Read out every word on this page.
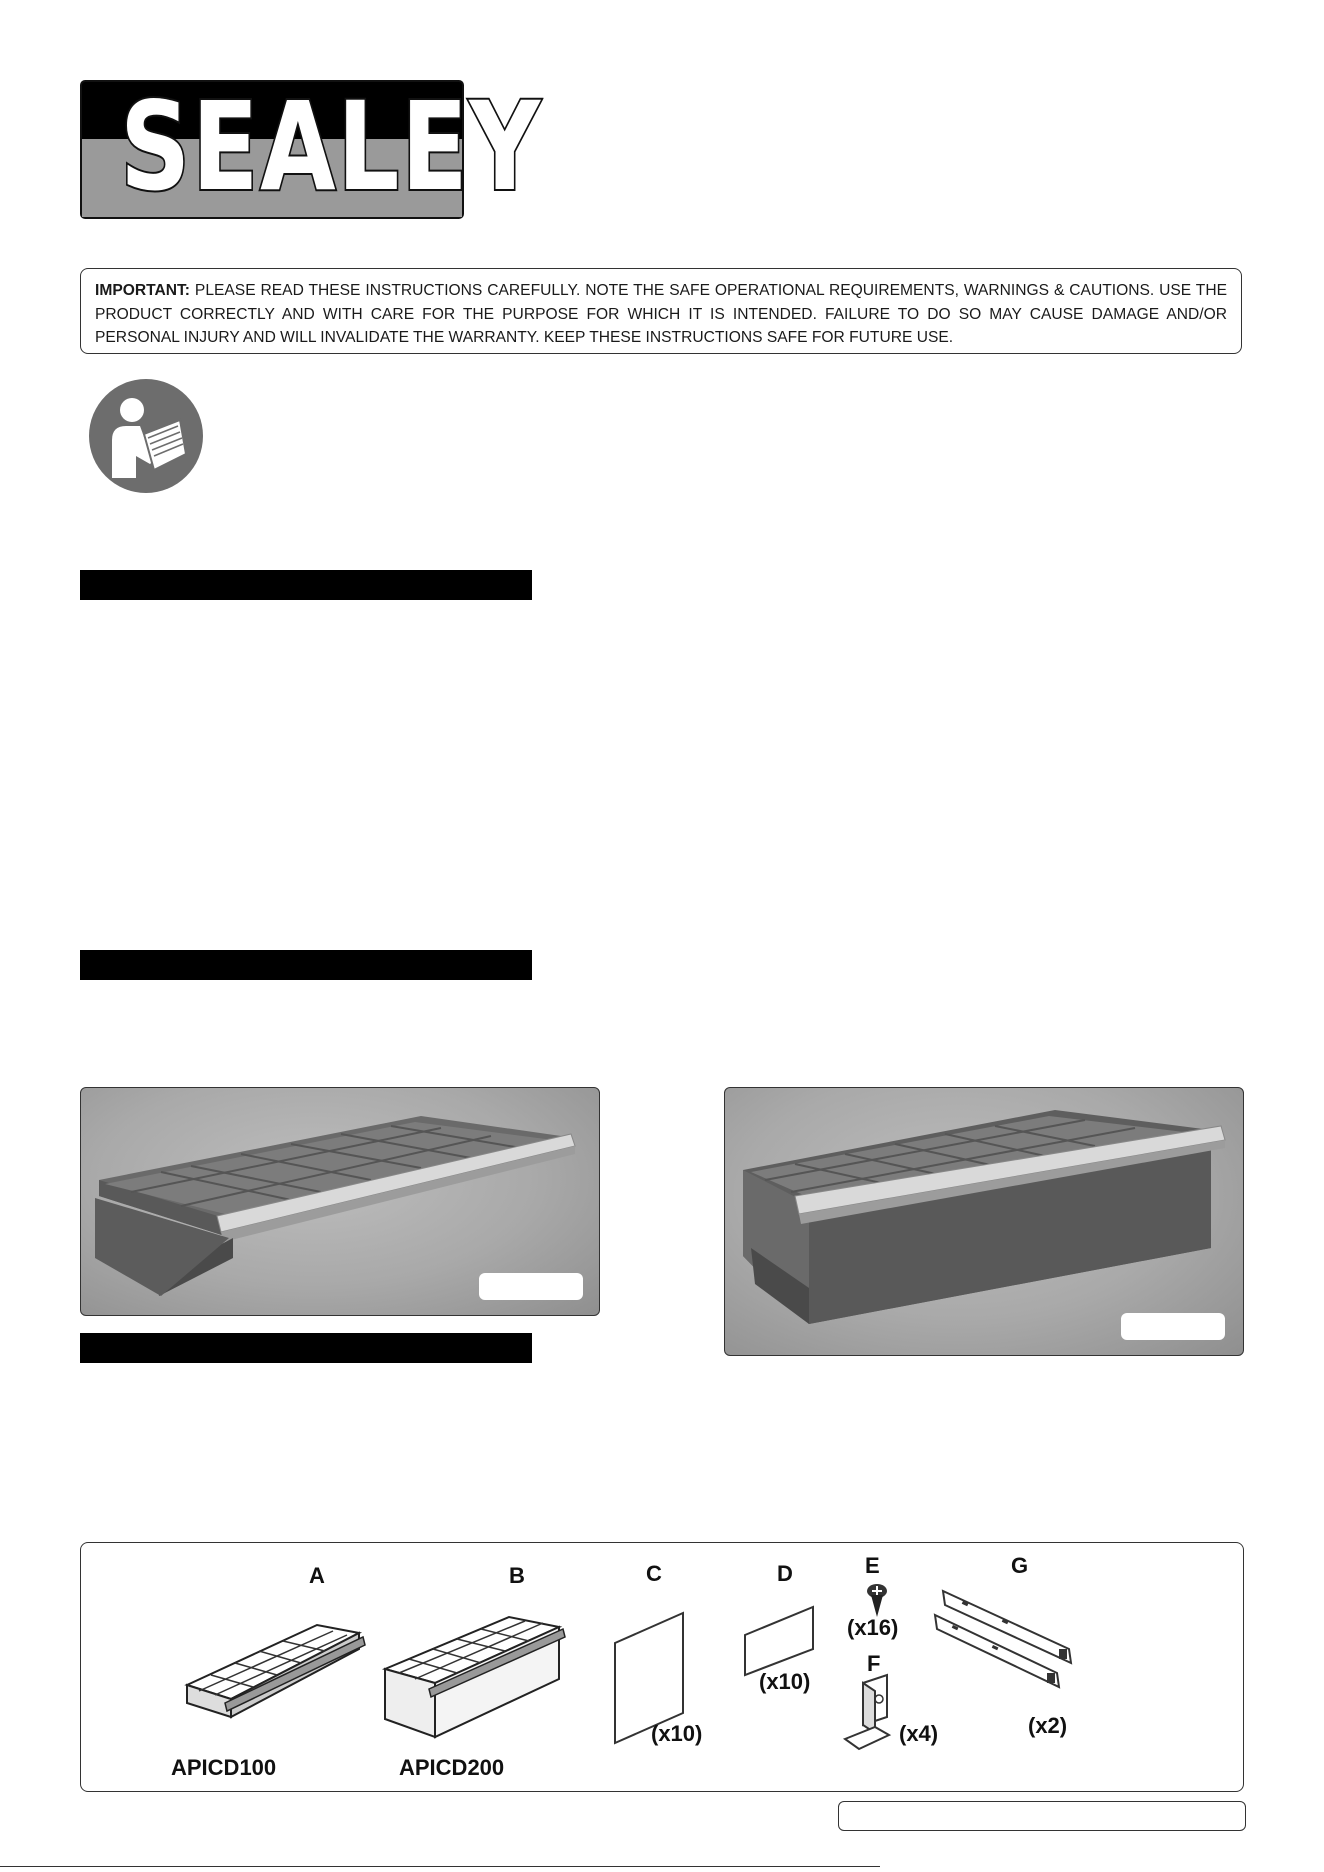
SEALEY
IMPORTANT: PLEASE READ THESE INSTRUCTIONS CAREFULLY. NOTE THE SAFE OPERATIONAL REQUIREMENTS, WARNINGS & CAUTIONS. USE THE PRODUCT CORRECTLY AND WITH CARE FOR THE PURPOSE FOR WHICH IT IS INTENDED. FAILURE TO DO SO MAY CAUSE DAMAGE AND/OR PERSONAL INJURY AND WILL INVALIDATE THE WARRANTY. KEEP THESE INSTRUCTIONS SAFE FOR FUTURE USE.
A	B	C	D	E
F
G
(x10)
(x10)
(x16)
(x4)	(x2)
APICD100	APICD200
